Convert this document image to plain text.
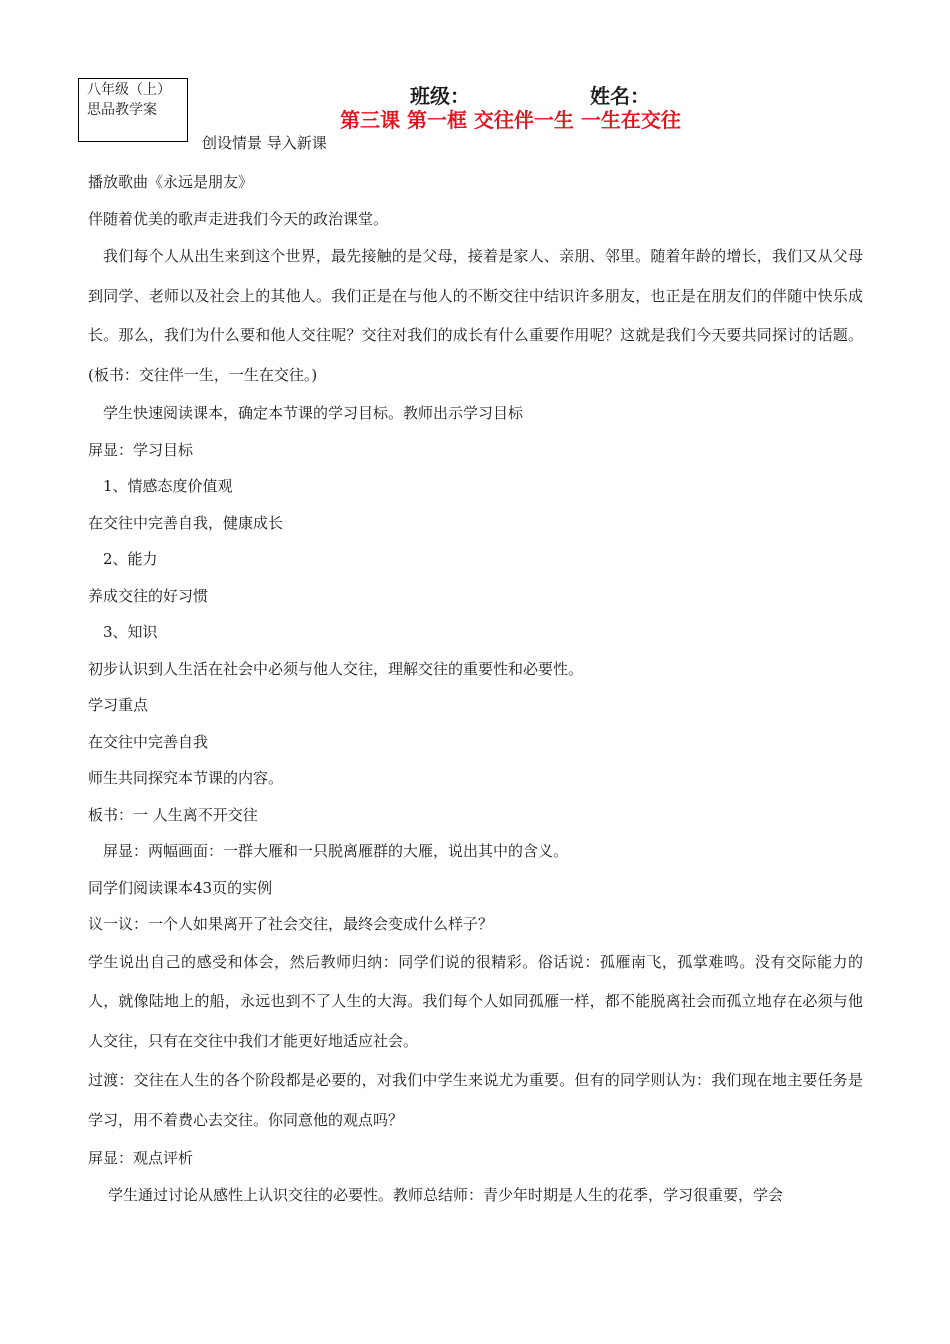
八年级（上）
思品教学案
班级：	姓名：
第三课 第一框 交往伴一生 一生在交往
创设情景 导入新课
播放歌曲《永远是朋友》
伴随着优美的歌声走进我们今天的政治课堂。

我们每个人从出生来到这个世界，最先接触的是父母，接着是家人、亲朋、邻里。随着年龄的增长，我们又从父母到同学、老师以及社会上的其他人。我们正是在与他人的不断交往中结识许多朋友，也正是在朋友们的伴随中快乐成长。那么，我们为什么要和他人交往呢？交往对我们的成长有什么重要作用呢？这就是我们今天要共同探讨的话题。(板书：交往伴一生，一生在交往。)

学生快速阅读课本，确定本节课的学习目标。教师出示学习目标
屏显：学习目标
1、情感态度价值观
在交往中完善自我，健康成长
2、能力
养成交往的好习惯
3、知识
初步认识到人生活在社会中必须与他人交往，理解交往的重要性和必要性。
学习重点
在交往中完善自我
师生共同探究本节课的内容。
板书：一 人生离不开交往
屏显：两幅画面：一群大雁和一只脱离雁群的大雁，说出其中的含义。
同学们阅读课本43页的实例
议一议：一个人如果离开了社会交往，最终会变成什么样子？

学生说出自己的感受和体会，然后教师归纳：同学们说的很精彩。俗话说：孤雁南飞，孤掌难鸣。没有交际能力的人，就像陆地上的船，永远也到不了人生的大海。我们每个人如同孤雁一样，都不能脱离社会而孤立地存在必须与他人交往，只有在交往中我们才能更好地适应社会。

过渡：交往在人生的各个阶段都是必要的，对我们中学生来说尤为重要。但有的同学则认为：我们现在地主要任务是学习，用不着费心去交往。你同意他的观点吗？

屏显：观点评析
学生通过讨论从感性上认识交往的必要性。教师总结师：青少年时期是人生的花季，学习很重要，学会
